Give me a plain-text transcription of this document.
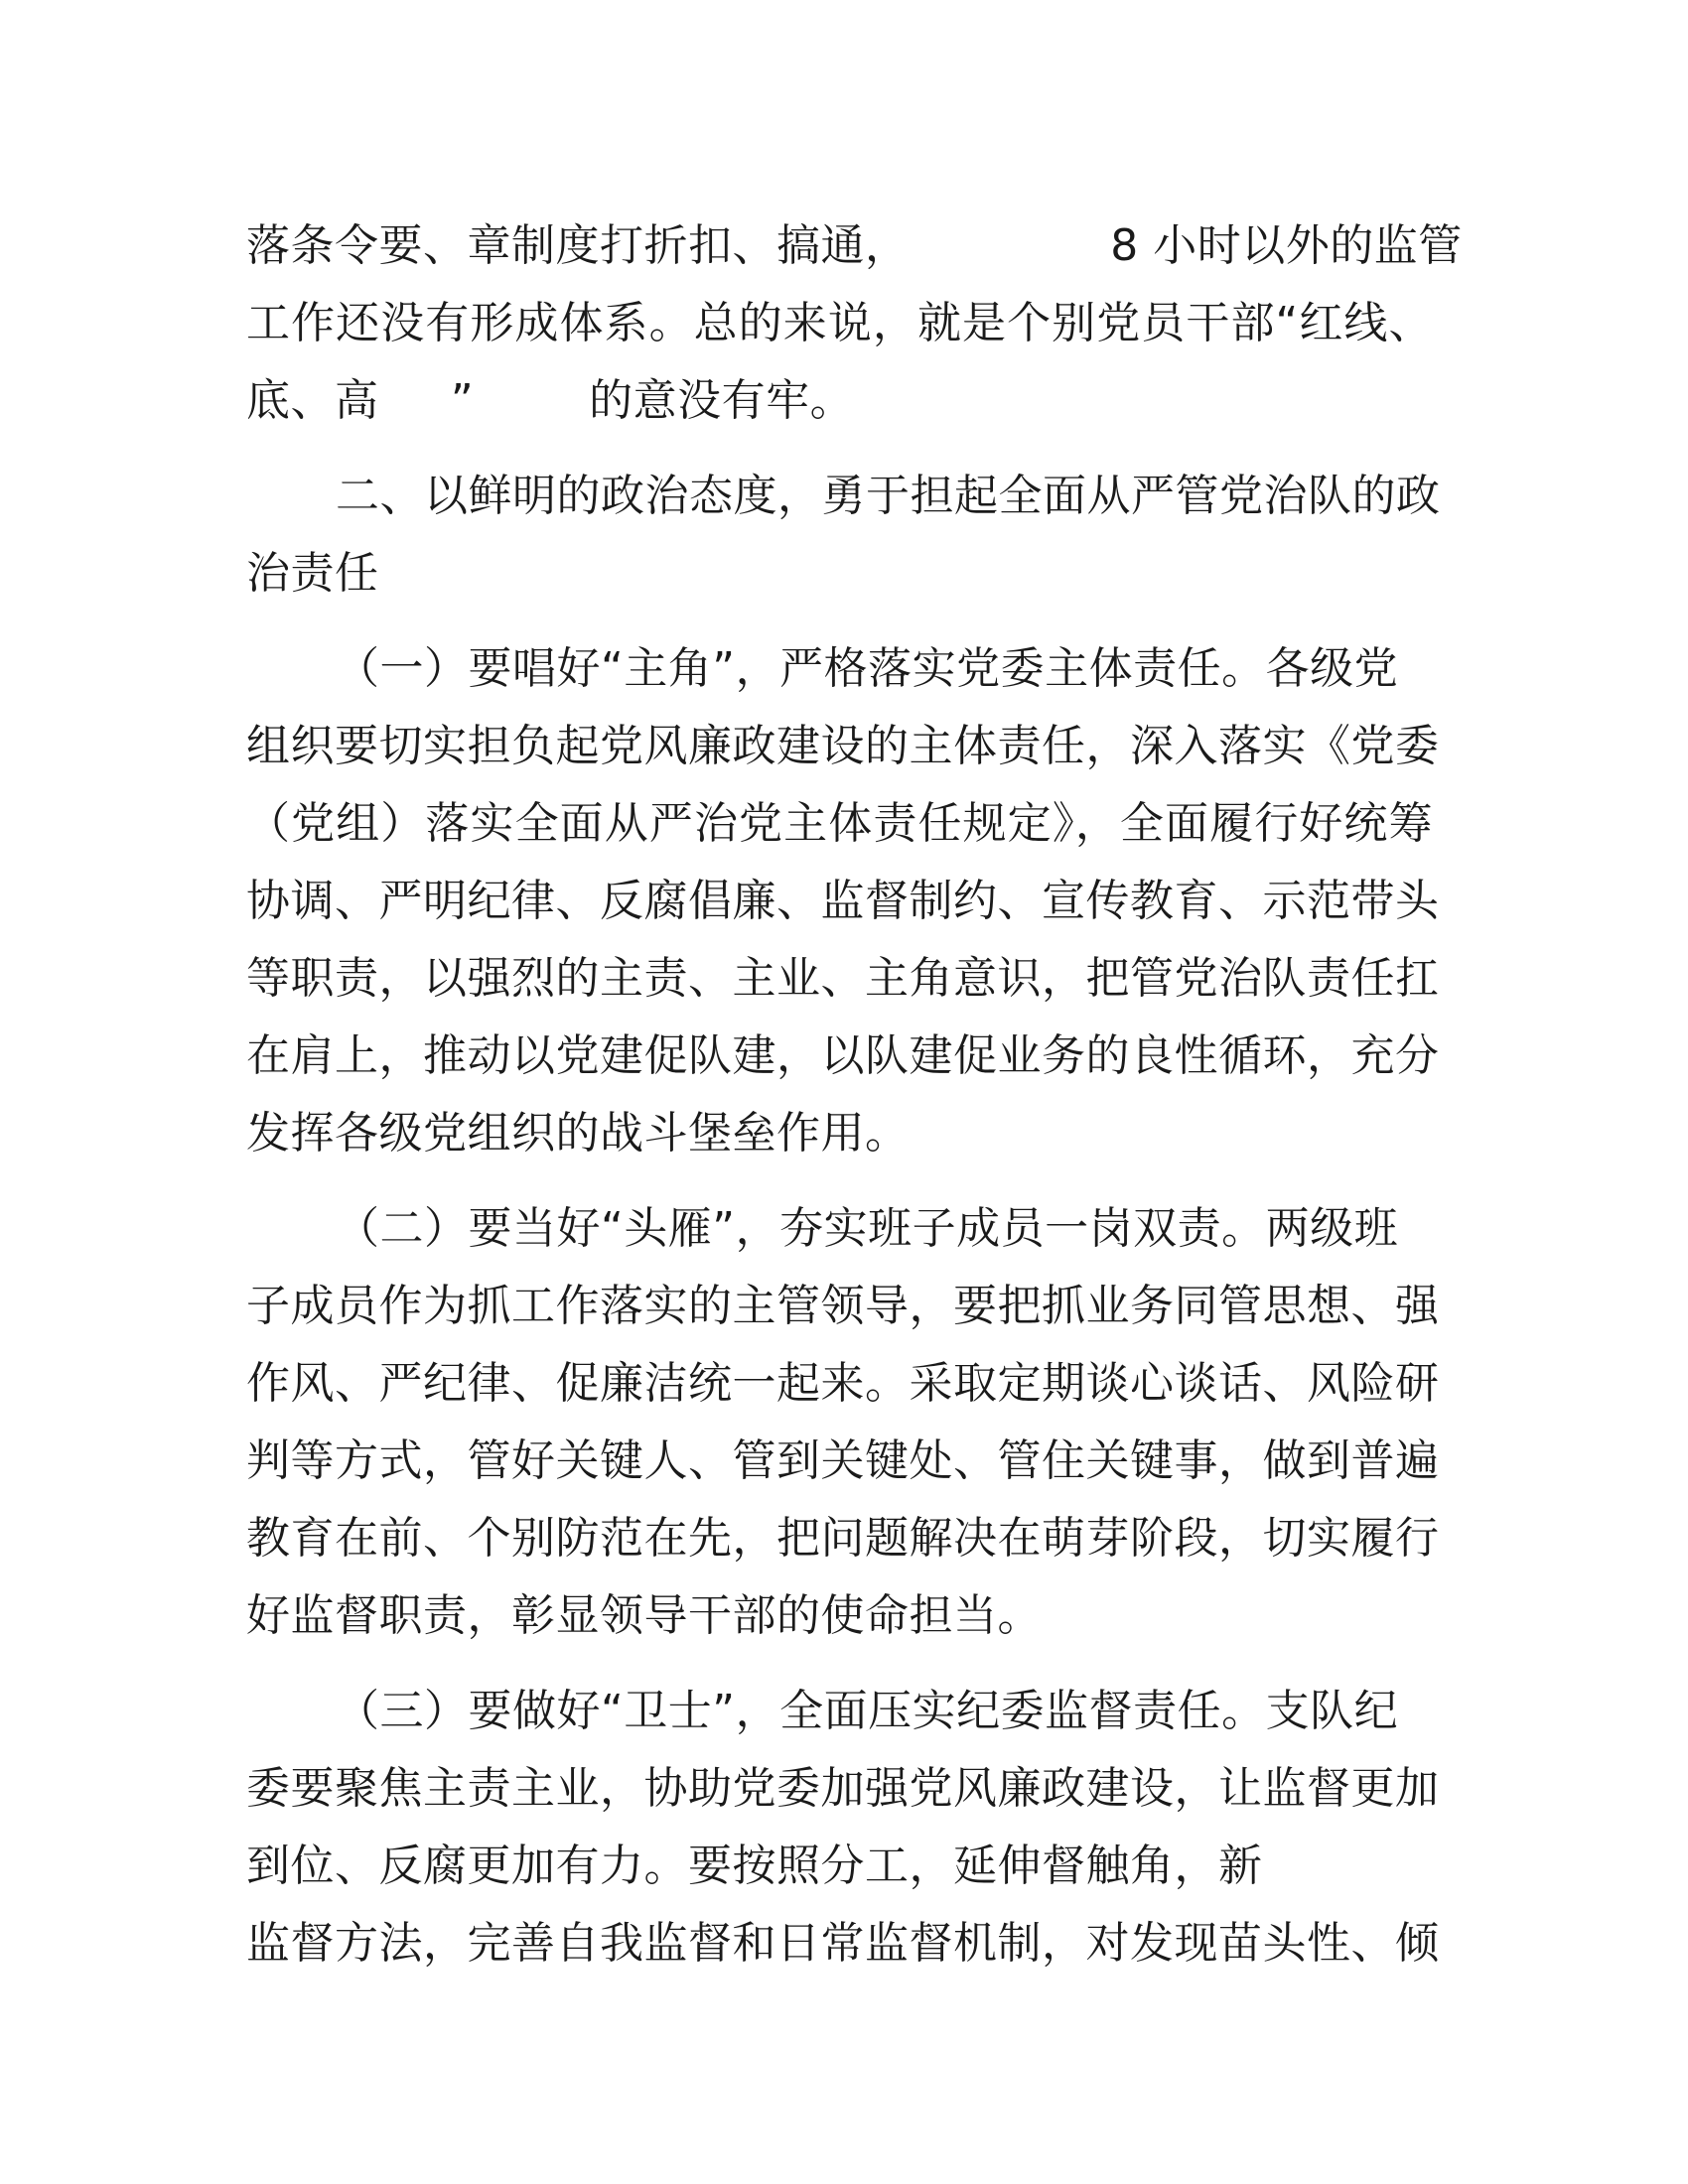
落条令要、章制度打折扣、搞通，              8 小时以外的监管
工作还没有形成体系。总的来说，就是个别党员干部“红线、
底、高     ”        的意没有牢。
二、以鲜明的政治态度，勇于担起全面从严管党治队的政
治责任
（一）要唱好“主角”，严格落实党委主体责任。各级党
组织要切实担负起党风廉政建设的主体责任，深入落实《党委
（党组）落实全面从严治党主体责任规定》，全面履行好统筹
协调、严明纪律、反腐倡廉、监督制约、宣传教育、示范带头
等职责，以强烈的主责、主业、主角意识，把管党治队责任扛
在肩上，推动以党建促队建，以队建促业务的良性循环，充分
发挥各级党组织的战斗堡垒作用。
（二）要当好“头雁”，夯实班子成员一岗双责。两级班
子成员作为抓工作落实的主管领导，要把抓业务同管思想、强
作风、严纪律、促廉洁统一起来。采取定期谈心谈话、风险研
判等方式，管好关键人、管到关键处、管住关键事，做到普遍
教育在前、个别防范在先，把问题解决在萌芽阶段，切实履行
好监督职责，彰显领导干部的使命担当。
（三）要做好“卫士”，全面压实纪委监督责任。支队纪
委要聚焦主责主业，协助党委加强党风廉政建设，让监督更加
到位、反腐更加有力。要按照分工，延伸督触角，新
监督方法，完善自我监督和日常监督机制，对发现苗头性、倾
